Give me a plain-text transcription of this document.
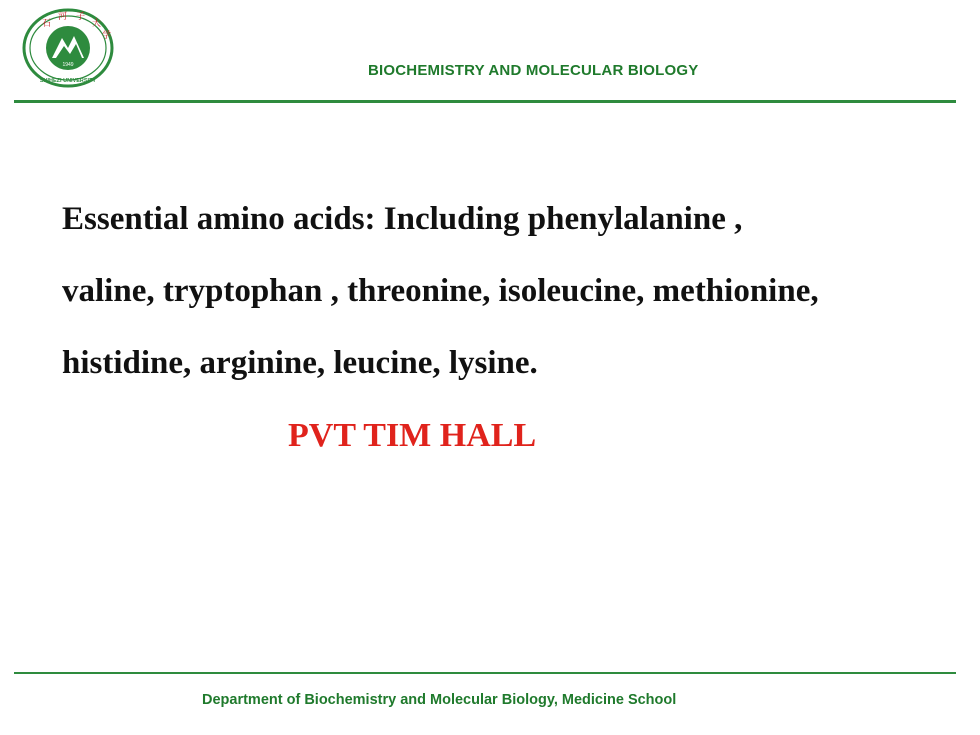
1949
石
河 子
大
学
SHIHEZI UNIVERSITY
BIOCHEMISTRY AND MOLECULAR BIOLOGY
Essential amino acids: Including phenylalanine ,
valine, tryptophan , threonine, isoleucine, methionine,
histidine, arginine, leucine, lysine.
PVT TIM HALL
Department of Biochemistry and Molecular Biology, Medicine School
